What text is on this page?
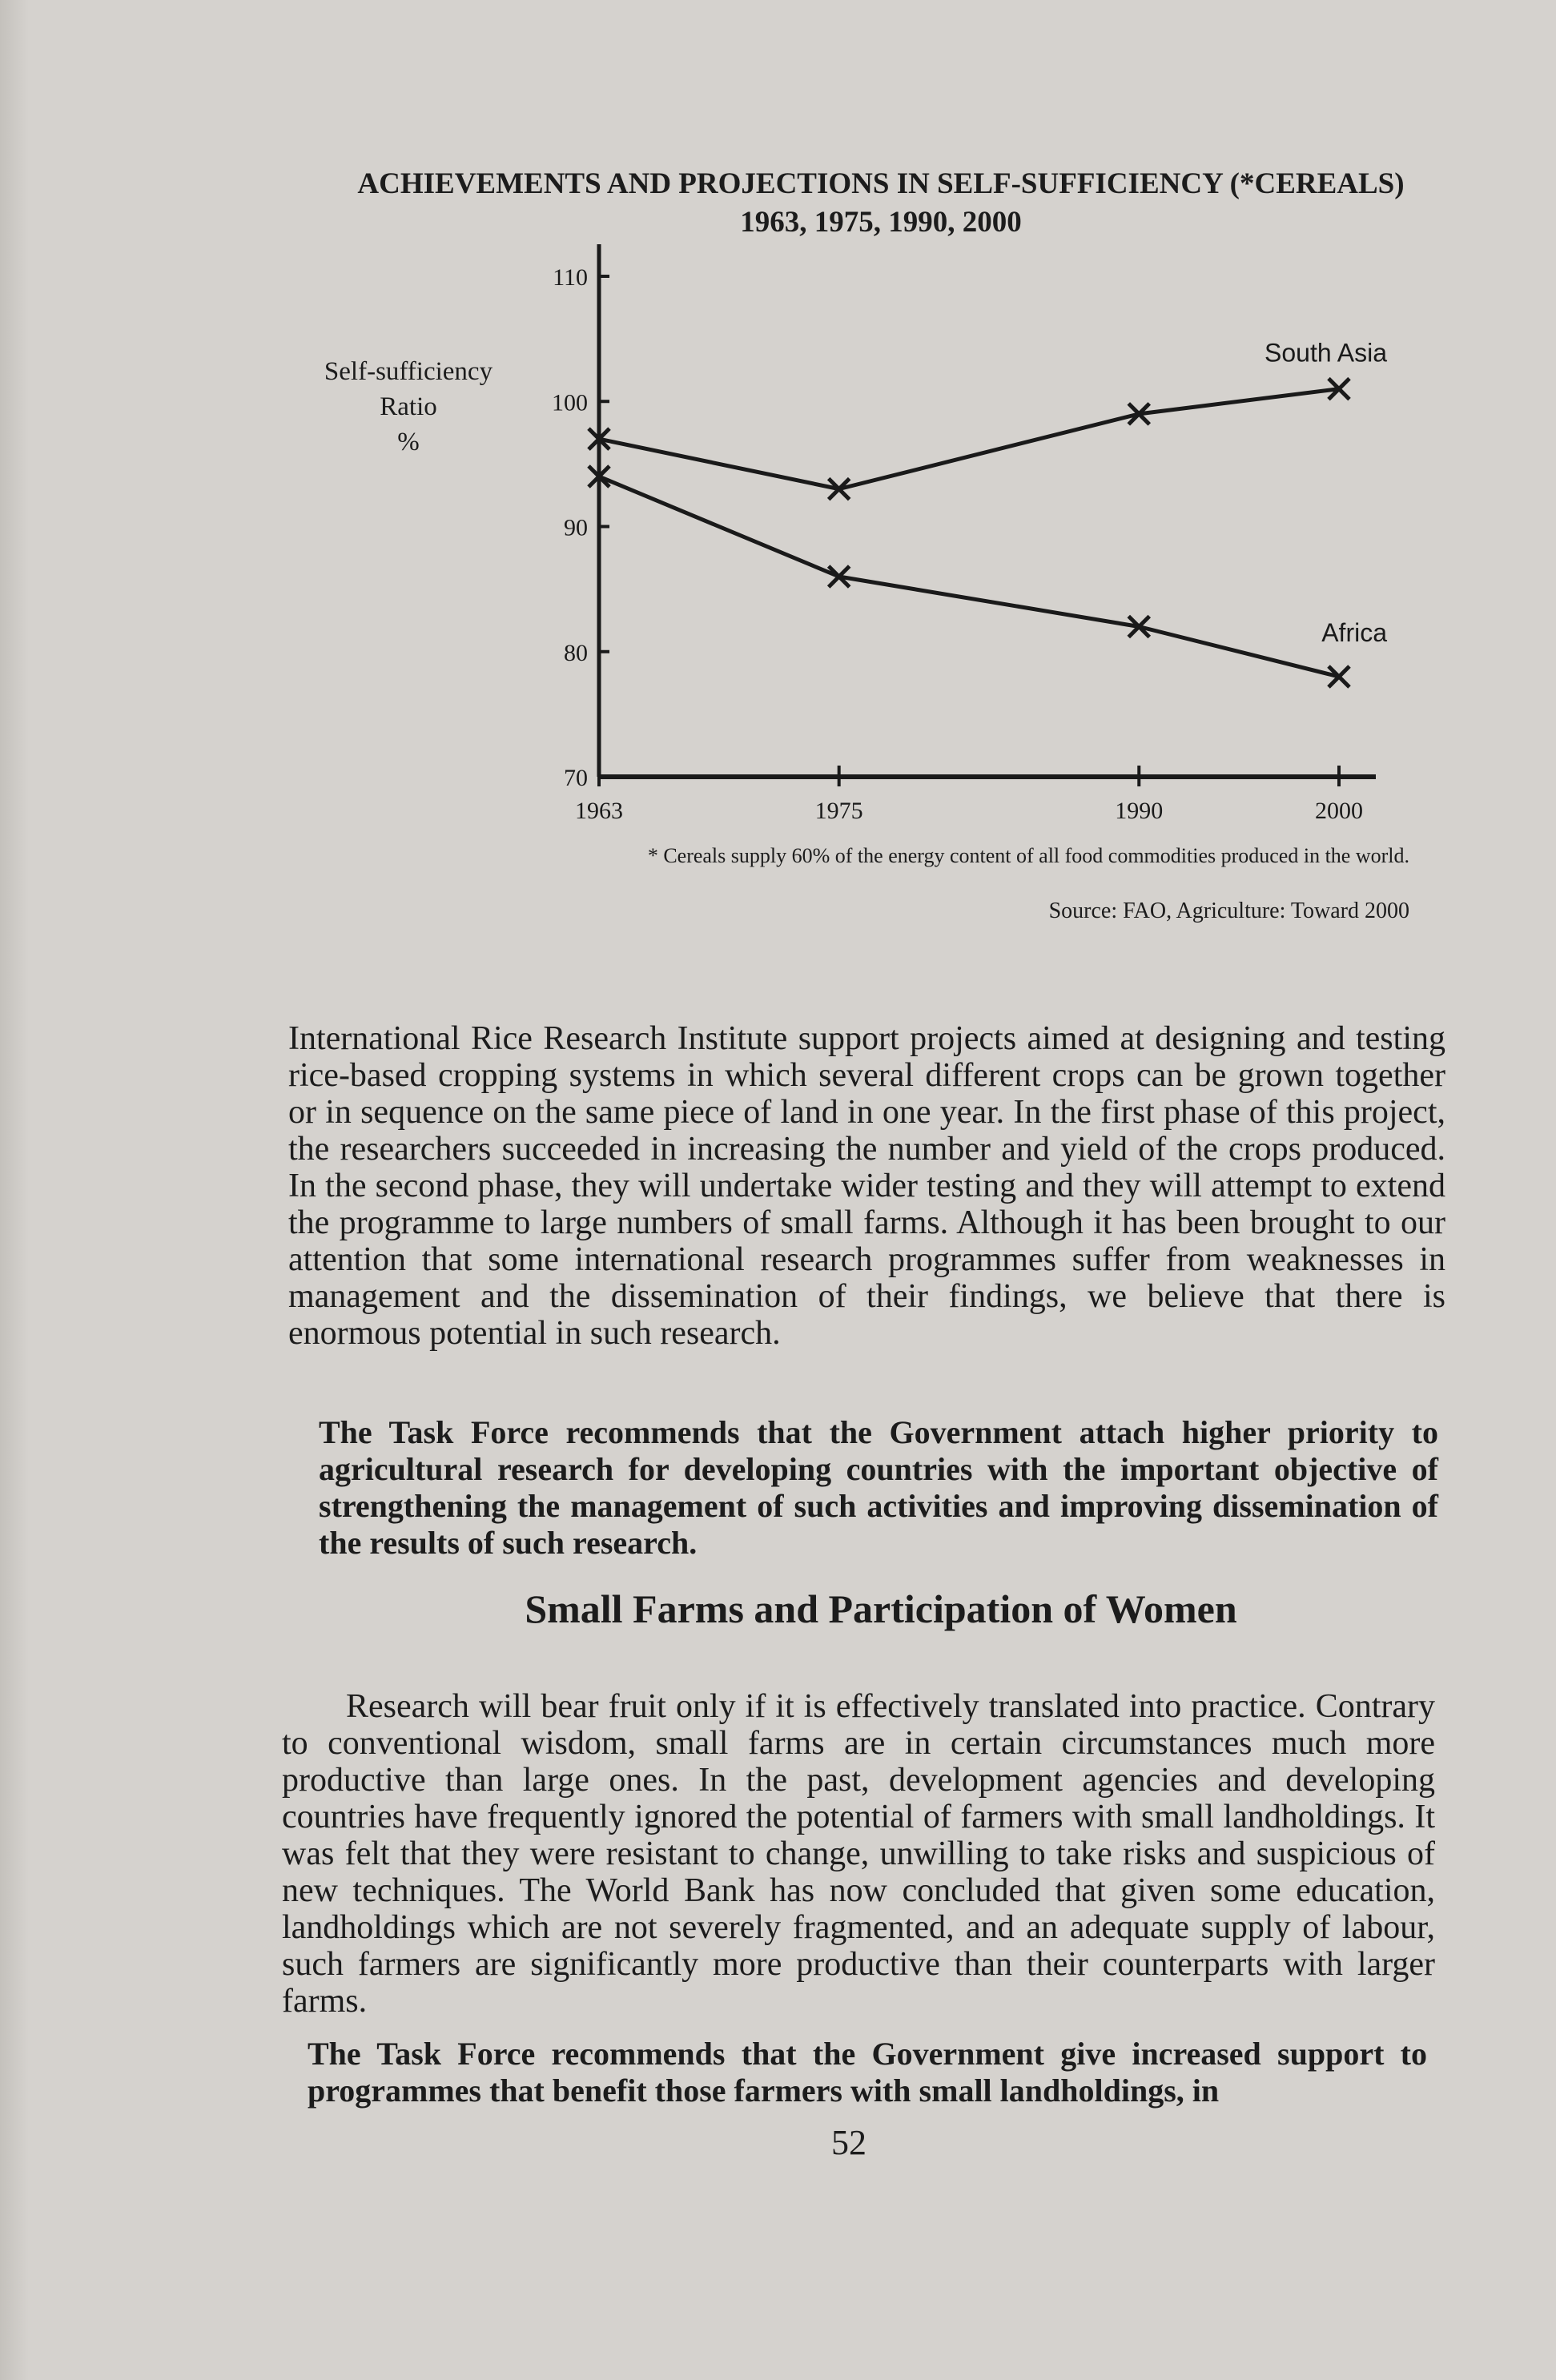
ACHIEVEMENTS AND PROJECTIONS IN SELF-SUFFICIENCY (*CEREALS)
1963, 1975, 1990, 2000
Self-sufficiency
Ratio
%
70
80
90
100
110
1963	1975	1990	2000
South Asia
Africa
* Cereals supply 60% of the energy content of all food commodities produced in the world.
Source: FAO, Agriculture: Toward 2000

International Rice Research Institute support projects aimed at designing and testing rice-based cropping systems in which several different crops can be grown together or in sequence on the same piece of land in one year. In the first phase of this project, the researchers succeeded in increasing the number and yield of the crops produced. In the second phase, they will undertake wider testing and they will attempt to extend the programme to large numbers of small farms. Although it has been brought to our attention that some international research programmes suffer from weaknesses in management and the dissemination of their findings, we believe that there is enormous potential in such research.

The Task Force recommends that the Government attach higher priority to agricultural research for developing countries with the important objective of strengthening the management of such activities and improving dissemination of the results of such research.

Small Farms and Participation of Women

Research will bear fruit only if it is effectively translated into practice. Contrary to conventional wisdom, small farms are in certain circumstances much more productive than large ones. In the past, development agencies and developing countries have frequently ignored the potential of farmers with small landholdings. It was felt that they were resistant to change, unwilling to take risks and suspicious of new techniques. The World Bank has now concluded that given some education, landholdings which are not severely fragmented, and an adequate supply of labour, such farmers are significantly more productive than their counterparts with larger farms.

The Task Force recommends that the Government give increased support to programmes that benefit those farmers with small landholdings, in

52
